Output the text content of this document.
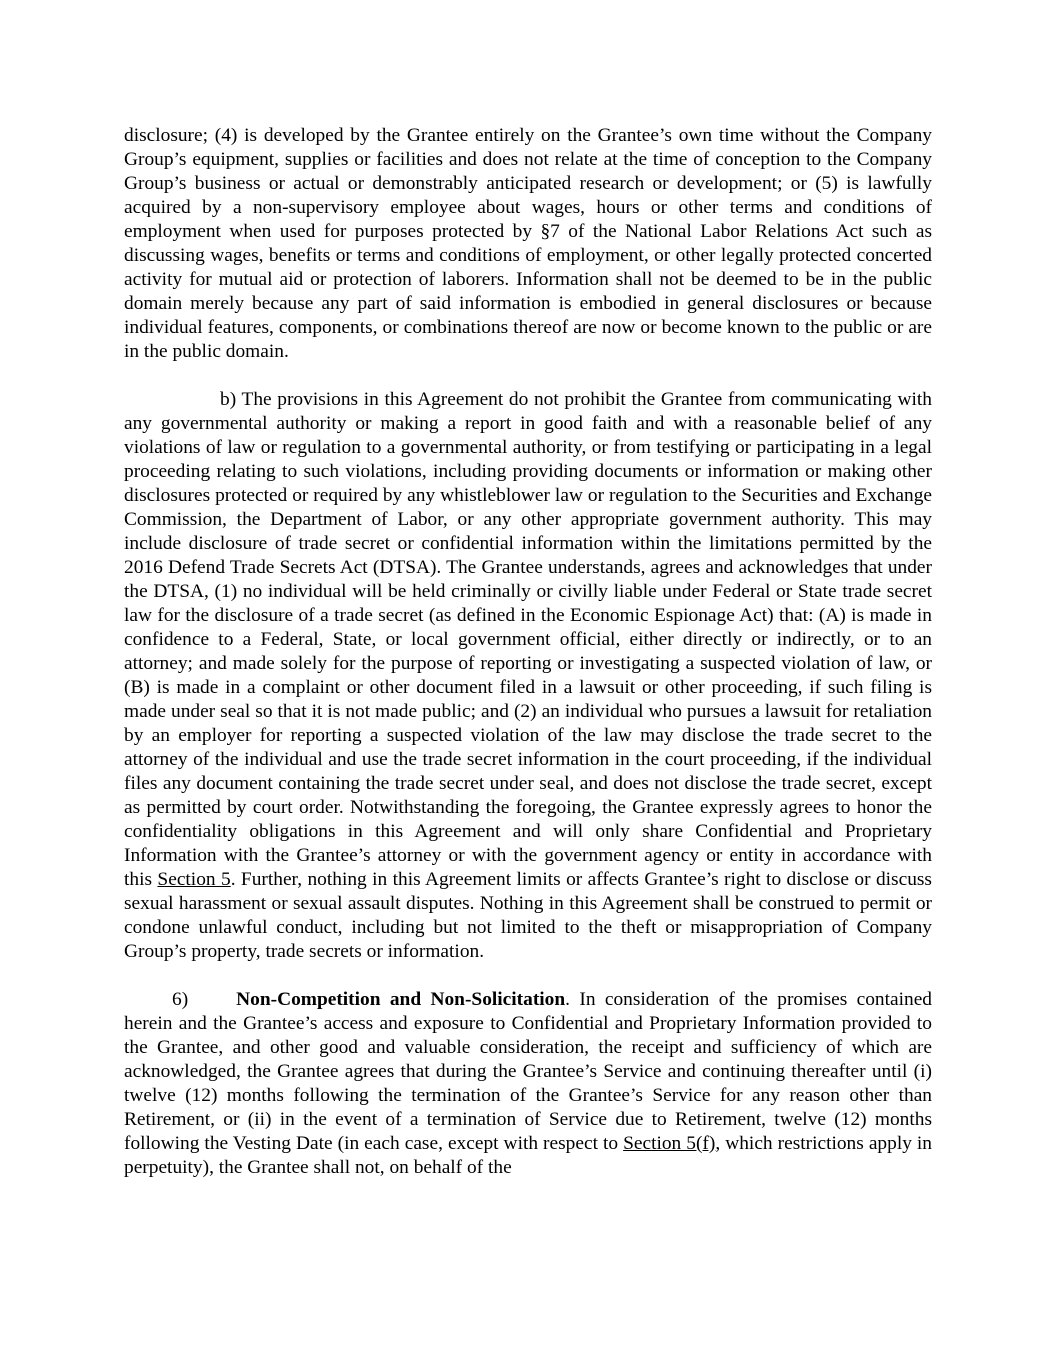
disclosure; (4) is developed by the Grantee entirely on the Grantee’s own time without the Company Group’s equipment, supplies or facilities and does not relate at the time of conception to the Company Group’s business or actual or demonstrably anticipated research or development; or (5) is lawfully acquired by a non-supervisory employee about wages, hours or other terms and conditions of employment when used for purposes protected by §7 of the National Labor Relations Act such as discussing wages, benefits or terms and conditions of employment, or other legally protected concerted activity for mutual aid or protection of laborers. Information shall not be deemed to be in the public domain merely because any part of said information is embodied in general disclosures or because individual features, components, or combinations thereof are now or become known to the public or are in the public domain.

b) The provisions in this Agreement do not prohibit the Grantee from communicating with any governmental authority or making a report in good faith and with a reasonable belief of any violations of law or regulation to a governmental authority, or from testifying or participating in a legal proceeding relating to such violations, including providing documents or information or making other disclosures protected or required by any whistleblower law or regulation to the Securities and Exchange Commission, the Department of Labor, or any other appropriate government authority. This may include disclosure of trade secret or confidential information within the limitations permitted by the 2016 Defend Trade Secrets Act (DTSA). The Grantee understands, agrees and acknowledges that under the DTSA, (1) no individual will be held criminally or civilly liable under Federal or State trade secret law for the disclosure of a trade secret (as defined in the Economic Espionage Act) that: (A) is made in confidence to a Federal, State, or local government official, either directly or indirectly, or to an attorney; and made solely for the purpose of reporting or investigating a suspected violation of law, or (B) is made in a complaint or other document filed in a lawsuit or other proceeding, if such filing is made under seal so that it is not made public; and (2) an individual who pursues a lawsuit for retaliation by an employer for reporting a suspected violation of the law may disclose the trade secret to the attorney of the individual and use the trade secret information in the court proceeding, if the individual files any document containing the trade secret under seal, and does not disclose the trade secret, except as permitted by court order. Notwithstanding the foregoing, the Grantee expressly agrees to honor the confidentiality obligations in this Agreement and will only share Confidential and Proprietary Information with the Grantee’s attorney or with the government agency or entity in accordance with this Section 5. Further, nothing in this Agreement limits or affects Grantee’s right to disclose or discuss sexual harassment or sexual assault disputes. Nothing in this Agreement shall be construed to permit or condone unlawful conduct, including but not limited to the theft or misappropriation of Company Group’s property, trade secrets or information.

6) Non-Competition and Non-Solicitation. In consideration of the promises contained herein and the Grantee’s access and exposure to Confidential and Proprietary Information provided to the Grantee, and other good and valuable consideration, the receipt and sufficiency of which are acknowledged, the Grantee agrees that during the Grantee’s Service and continuing thereafter until (i) twelve (12) months following the termination of the Grantee’s Service for any reason other than Retirement, or (ii) in the event of a termination of Service due to Retirement, twelve (12) months following the Vesting Date (in each case, except with respect to Section 5(f), which restrictions apply in perpetuity), the Grantee shall not, on behalf of the
